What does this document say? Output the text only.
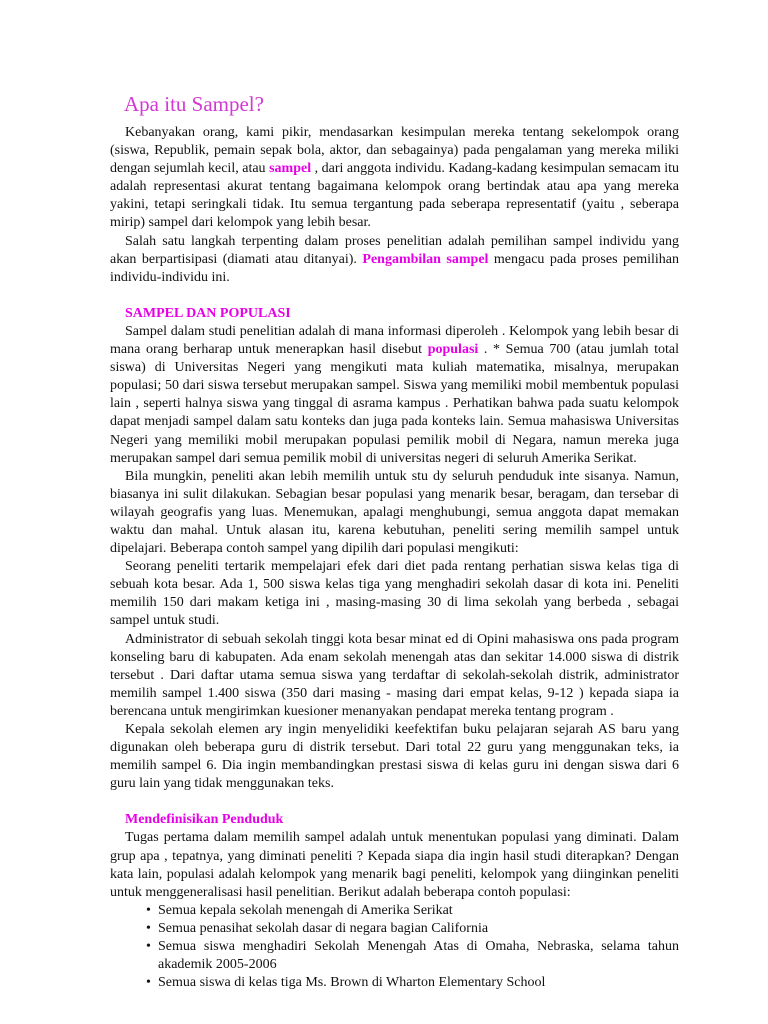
Apa itu Sampel?

Kebanyakan orang, kami pikir, mendasarkan kesimpulan mereka tentang sekelompok orang (siswa, Republik, pemain sepak bola, aktor, dan sebagainya) pada pengalaman yang mereka miliki dengan sejumlah kecil, atau sampel , dari anggota individu. Kadang-kadang kesimpulan semacam itu adalah representasi akurat tentang bagaimana kelompok orang bertindak atau apa yang mereka yakini, tetapi seringkali tidak. Itu semua tergantung pada seberapa representatif (yaitu , seberapa mirip) sampel dari kelompok yang lebih besar.

Salah satu langkah terpenting dalam proses penelitian adalah pemilihan sampel individu yang akan berpartisipasi (diamati atau ditanyai). Pengambilan sampel mengacu pada proses pemilihan individu-individu ini.

SAMPEL DAN POPULASI

Sampel dalam studi penelitian adalah di mana informasi diperoleh . Kelompok yang lebih besar di mana orang berharap untuk menerapkan hasil disebut populasi . * Semua 700 (atau jumlah total siswa) di Universitas Negeri yang mengikuti mata kuliah matematika, misalnya, merupakan populasi; 50 dari siswa tersebut merupakan sampel. Siswa yang memiliki mobil membentuk populasi lain , seperti halnya siswa yang tinggal di asrama kampus . Perhatikan bahwa pada suatu kelompok dapat menjadi sampel dalam satu konteks dan juga pada konteks lain. Semua mahasiswa Universitas Negeri yang memiliki mobil merupakan populasi pemilik mobil di Negara, namun mereka juga merupakan sampel dari semua pemilik mobil di universitas negeri di seluruh Amerika Serikat.

Bila mungkin, peneliti akan lebih memilih untuk stu dy seluruh penduduk inte sisanya. Namun, biasanya ini sulit dilakukan. Sebagian besar populasi yang menarik besar, beragam, dan tersebar di wilayah geografis yang luas. Menemukan, apalagi menghubungi, semua anggota dapat memakan waktu dan mahal. Untuk alasan itu, karena kebutuhan, peneliti sering memilih sampel untuk dipelajari. Beberapa contoh sampel yang dipilih dari populasi mengikuti:

Seorang peneliti tertarik mempelajari efek dari diet pada rentang perhatian siswa kelas tiga di sebuah kota besar. Ada 1, 500 siswa kelas tiga yang menghadiri sekolah dasar di kota ini. Peneliti memilih 150 dari makam ketiga ini , masing-masing 30 di lima sekolah yang berbeda , sebagai sampel untuk studi.

Administrator di sebuah sekolah tinggi kota besar minat ed di Opini mahasiswa ons pada program konseling baru di kabupaten. Ada enam sekolah menengah atas dan sekitar 14.000 siswa di distrik tersebut . Dari daftar utama semua siswa yang terdaftar di sekolah-sekolah distrik, administrator memilih sampel 1.400 siswa (350 dari masing - masing dari empat kelas, 9-12 ) kepada siapa ia berencana untuk mengirimkan kuesioner menanyakan pendapat mereka tentang program .

Kepala sekolah elemen ary ingin menyelidiki keefektifan buku pelajaran sejarah AS baru yang digunakan oleh beberapa guru di distrik tersebut. Dari total 22 guru yang menggunakan teks, ia memilih sampel 6. Dia ingin membandingkan prestasi siswa di kelas guru ini dengan siswa dari 6 guru lain yang tidak menggunakan teks.

Mendefinisikan Penduduk

Tugas pertama dalam memilih sampel adalah untuk menentukan populasi yang diminati. Dalam grup apa , tepatnya, yang diminati peneliti ? Kepada siapa dia ingin hasil studi diterapkan? Dengan kata lain, populasi adalah kelompok yang menarik bagi peneliti, kelompok yang diinginkan peneliti untuk menggeneralisasi hasil penelitian. Berikut adalah beberapa contoh populasi:

• Semua kepala sekolah menengah di Amerika Serikat
• Semua penasihat sekolah dasar di negara bagian California
• Semua siswa menghadiri Sekolah Menengah Atas di Omaha, Nebraska, selama tahun akademik 2005-2006
• Semua siswa di kelas tiga Ms. Brown di Wharton Elementary School
